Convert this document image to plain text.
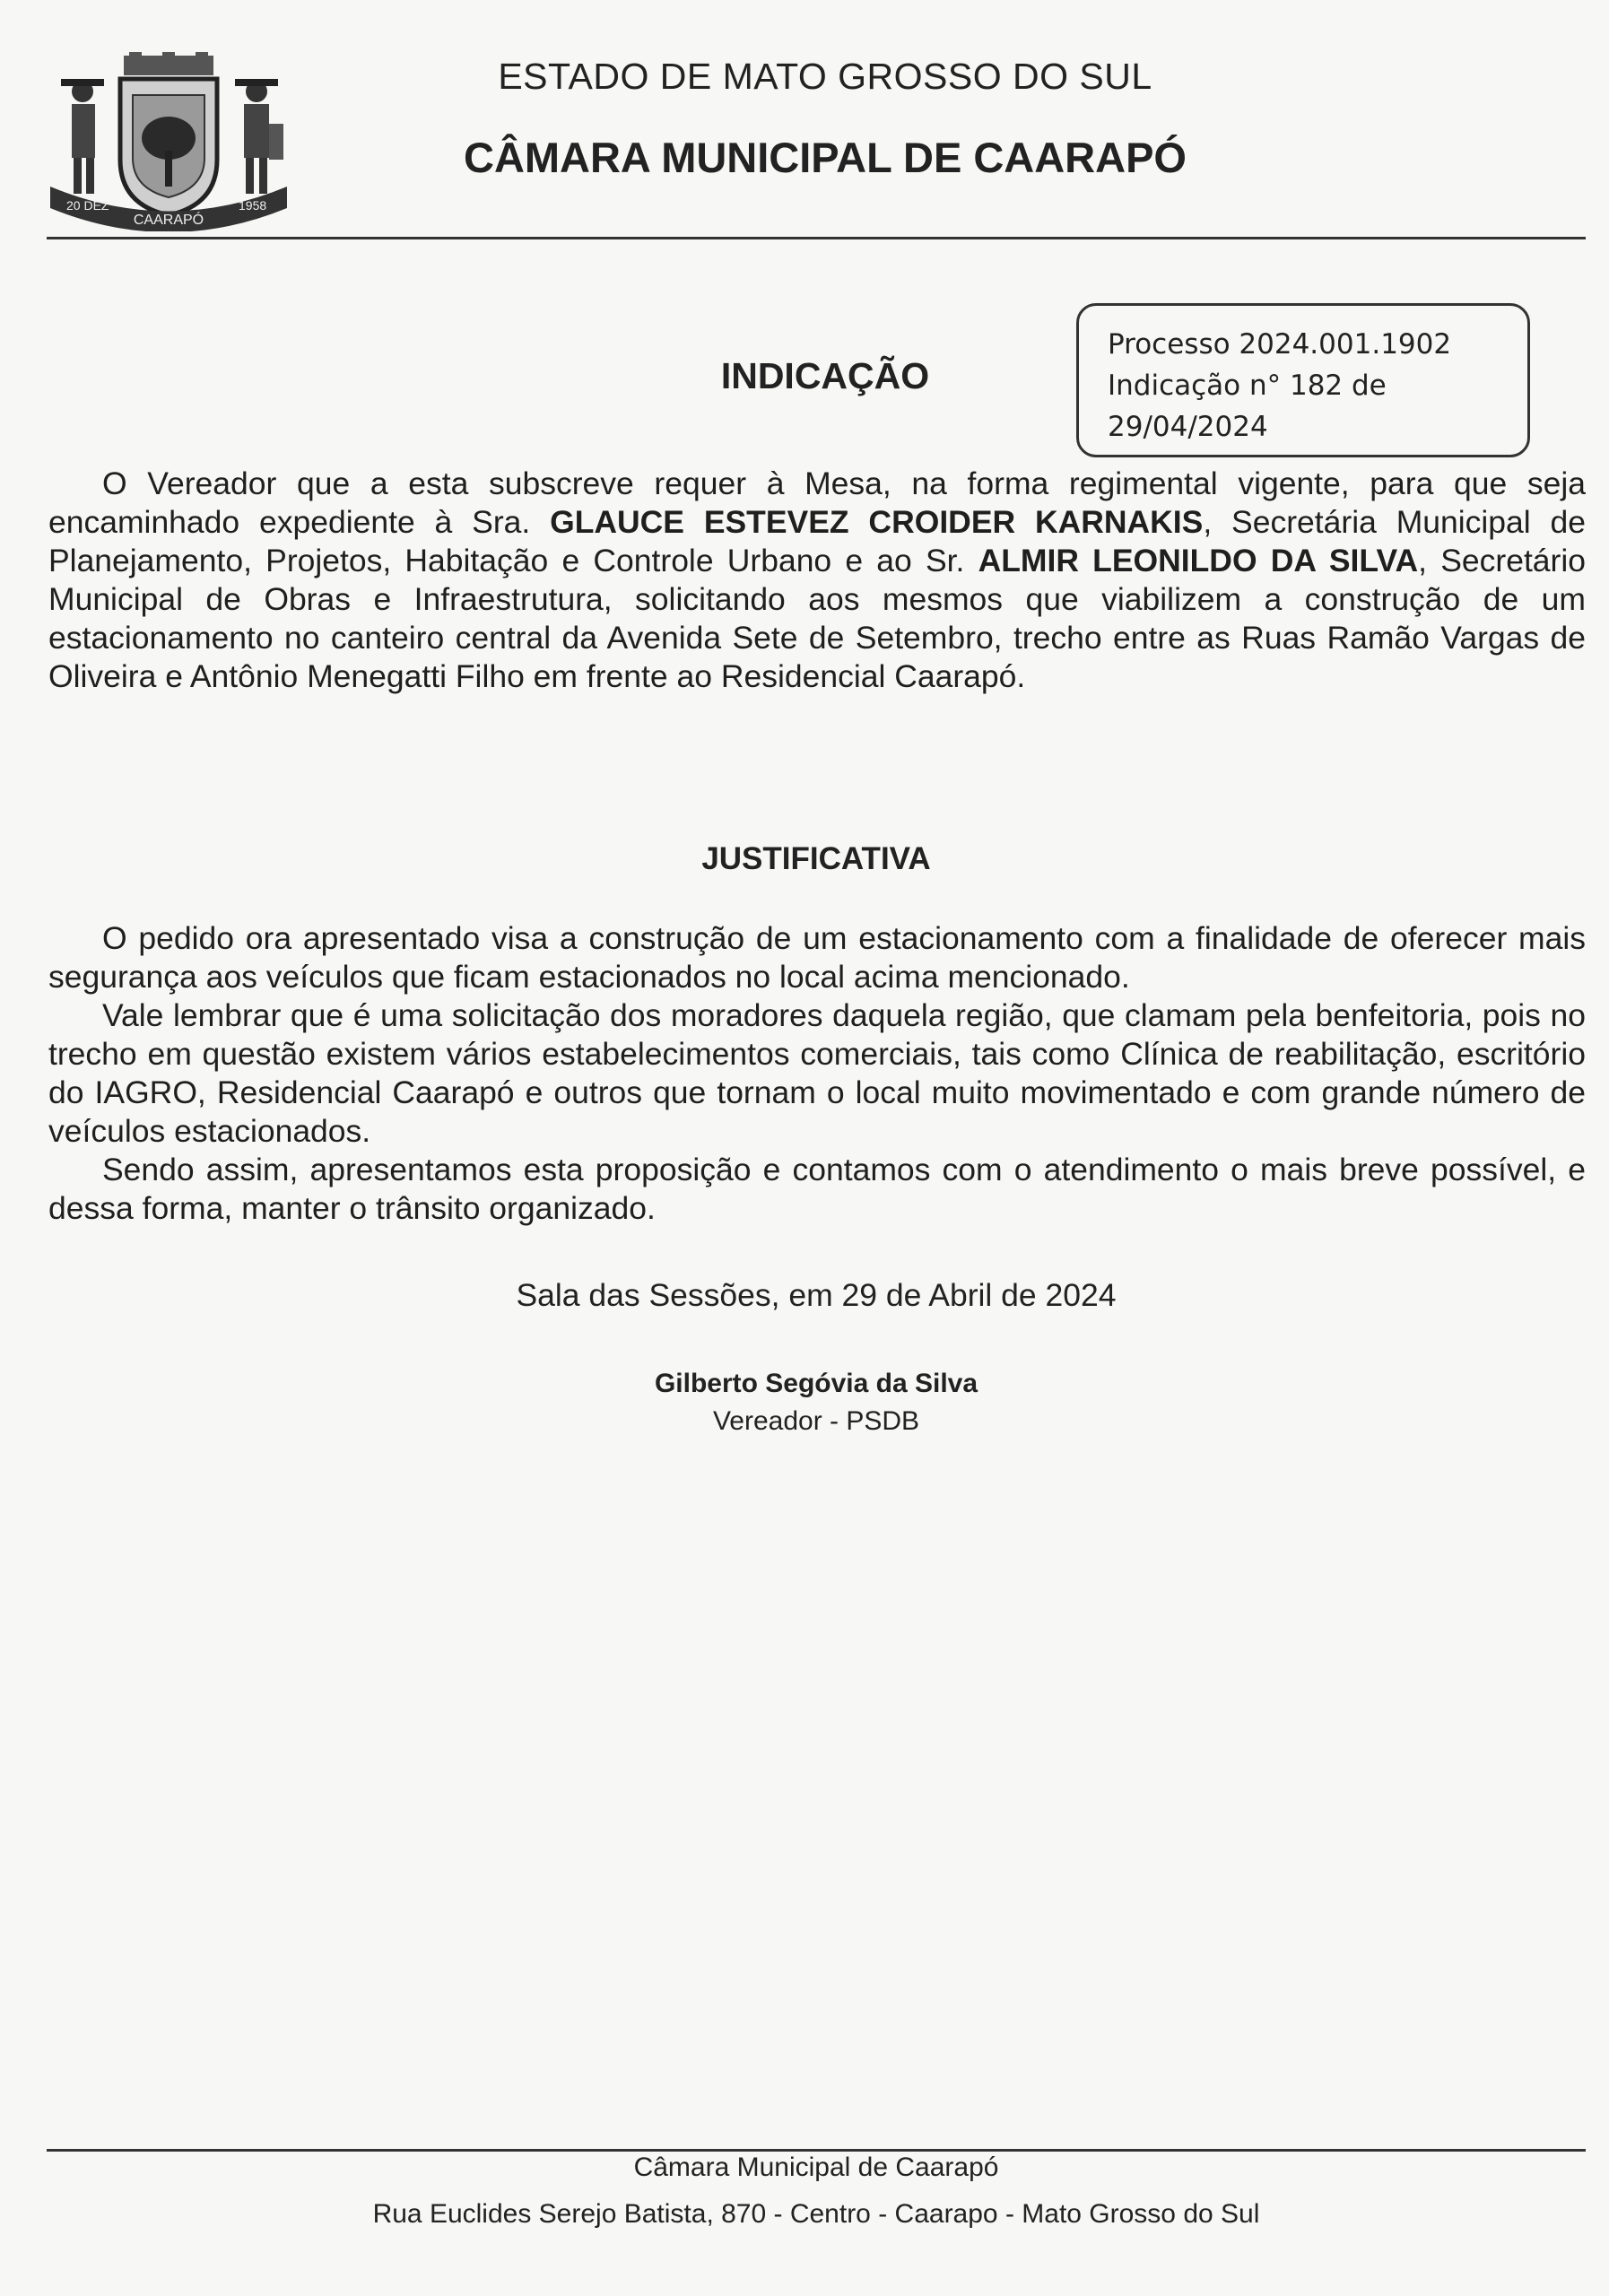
20 DEZ
CAARAPÓ
1958
ESTADO DE MATO GROSSO DO SUL
CÂMARA MUNICIPAL DE CAARAPÓ
INDICAÇÃO
Processo 2024.001.1902
Indicação n° 182 de
29/04/2024
O Vereador que a esta subscreve requer à Mesa, na forma regimental vigente, para que seja encaminhado expediente à Sra. GLAUCE ESTEVEZ CROIDER KARNAKIS, Secretária Municipal de Planejamento, Projetos, Habitação e Controle Urbano e ao Sr. ALMIR LEONILDO DA SILVA, Secretário Municipal de Obras e Infraestrutura, solicitando aos mesmos que viabilizem a construção de um estacionamento no canteiro central da Avenida Sete de Setembro, trecho entre as Ruas Ramão Vargas de Oliveira e Antônio Menegatti Filho em frente ao Residencial Caarapó.
JUSTIFICATIVA
O pedido ora apresentado visa a construção de um estacionamento com a finalidade de oferecer mais segurança aos veículos que ficam estacionados no local acima mencionado.
Vale lembrar que é uma solicitação dos moradores daquela região, que clamam pela benfeitoria, pois no trecho em questão existem vários estabelecimentos comerciais, tais como Clínica de reabilitação, escritório do IAGRO, Residencial Caarapó e outros que tornam o local muito movimentado e com grande número de veículos estacionados.
Sendo assim, apresentamos esta proposição e contamos com o atendimento o mais breve possível, e dessa forma, manter o trânsito organizado.
Sala das Sessões, em 29 de Abril de 2024
Gilberto Segóvia da Silva
Vereador - PSDB
Câmara Municipal de Caarapó
Rua Euclides Serejo Batista, 870 - Centro - Caarapo - Mato Grosso do Sul
